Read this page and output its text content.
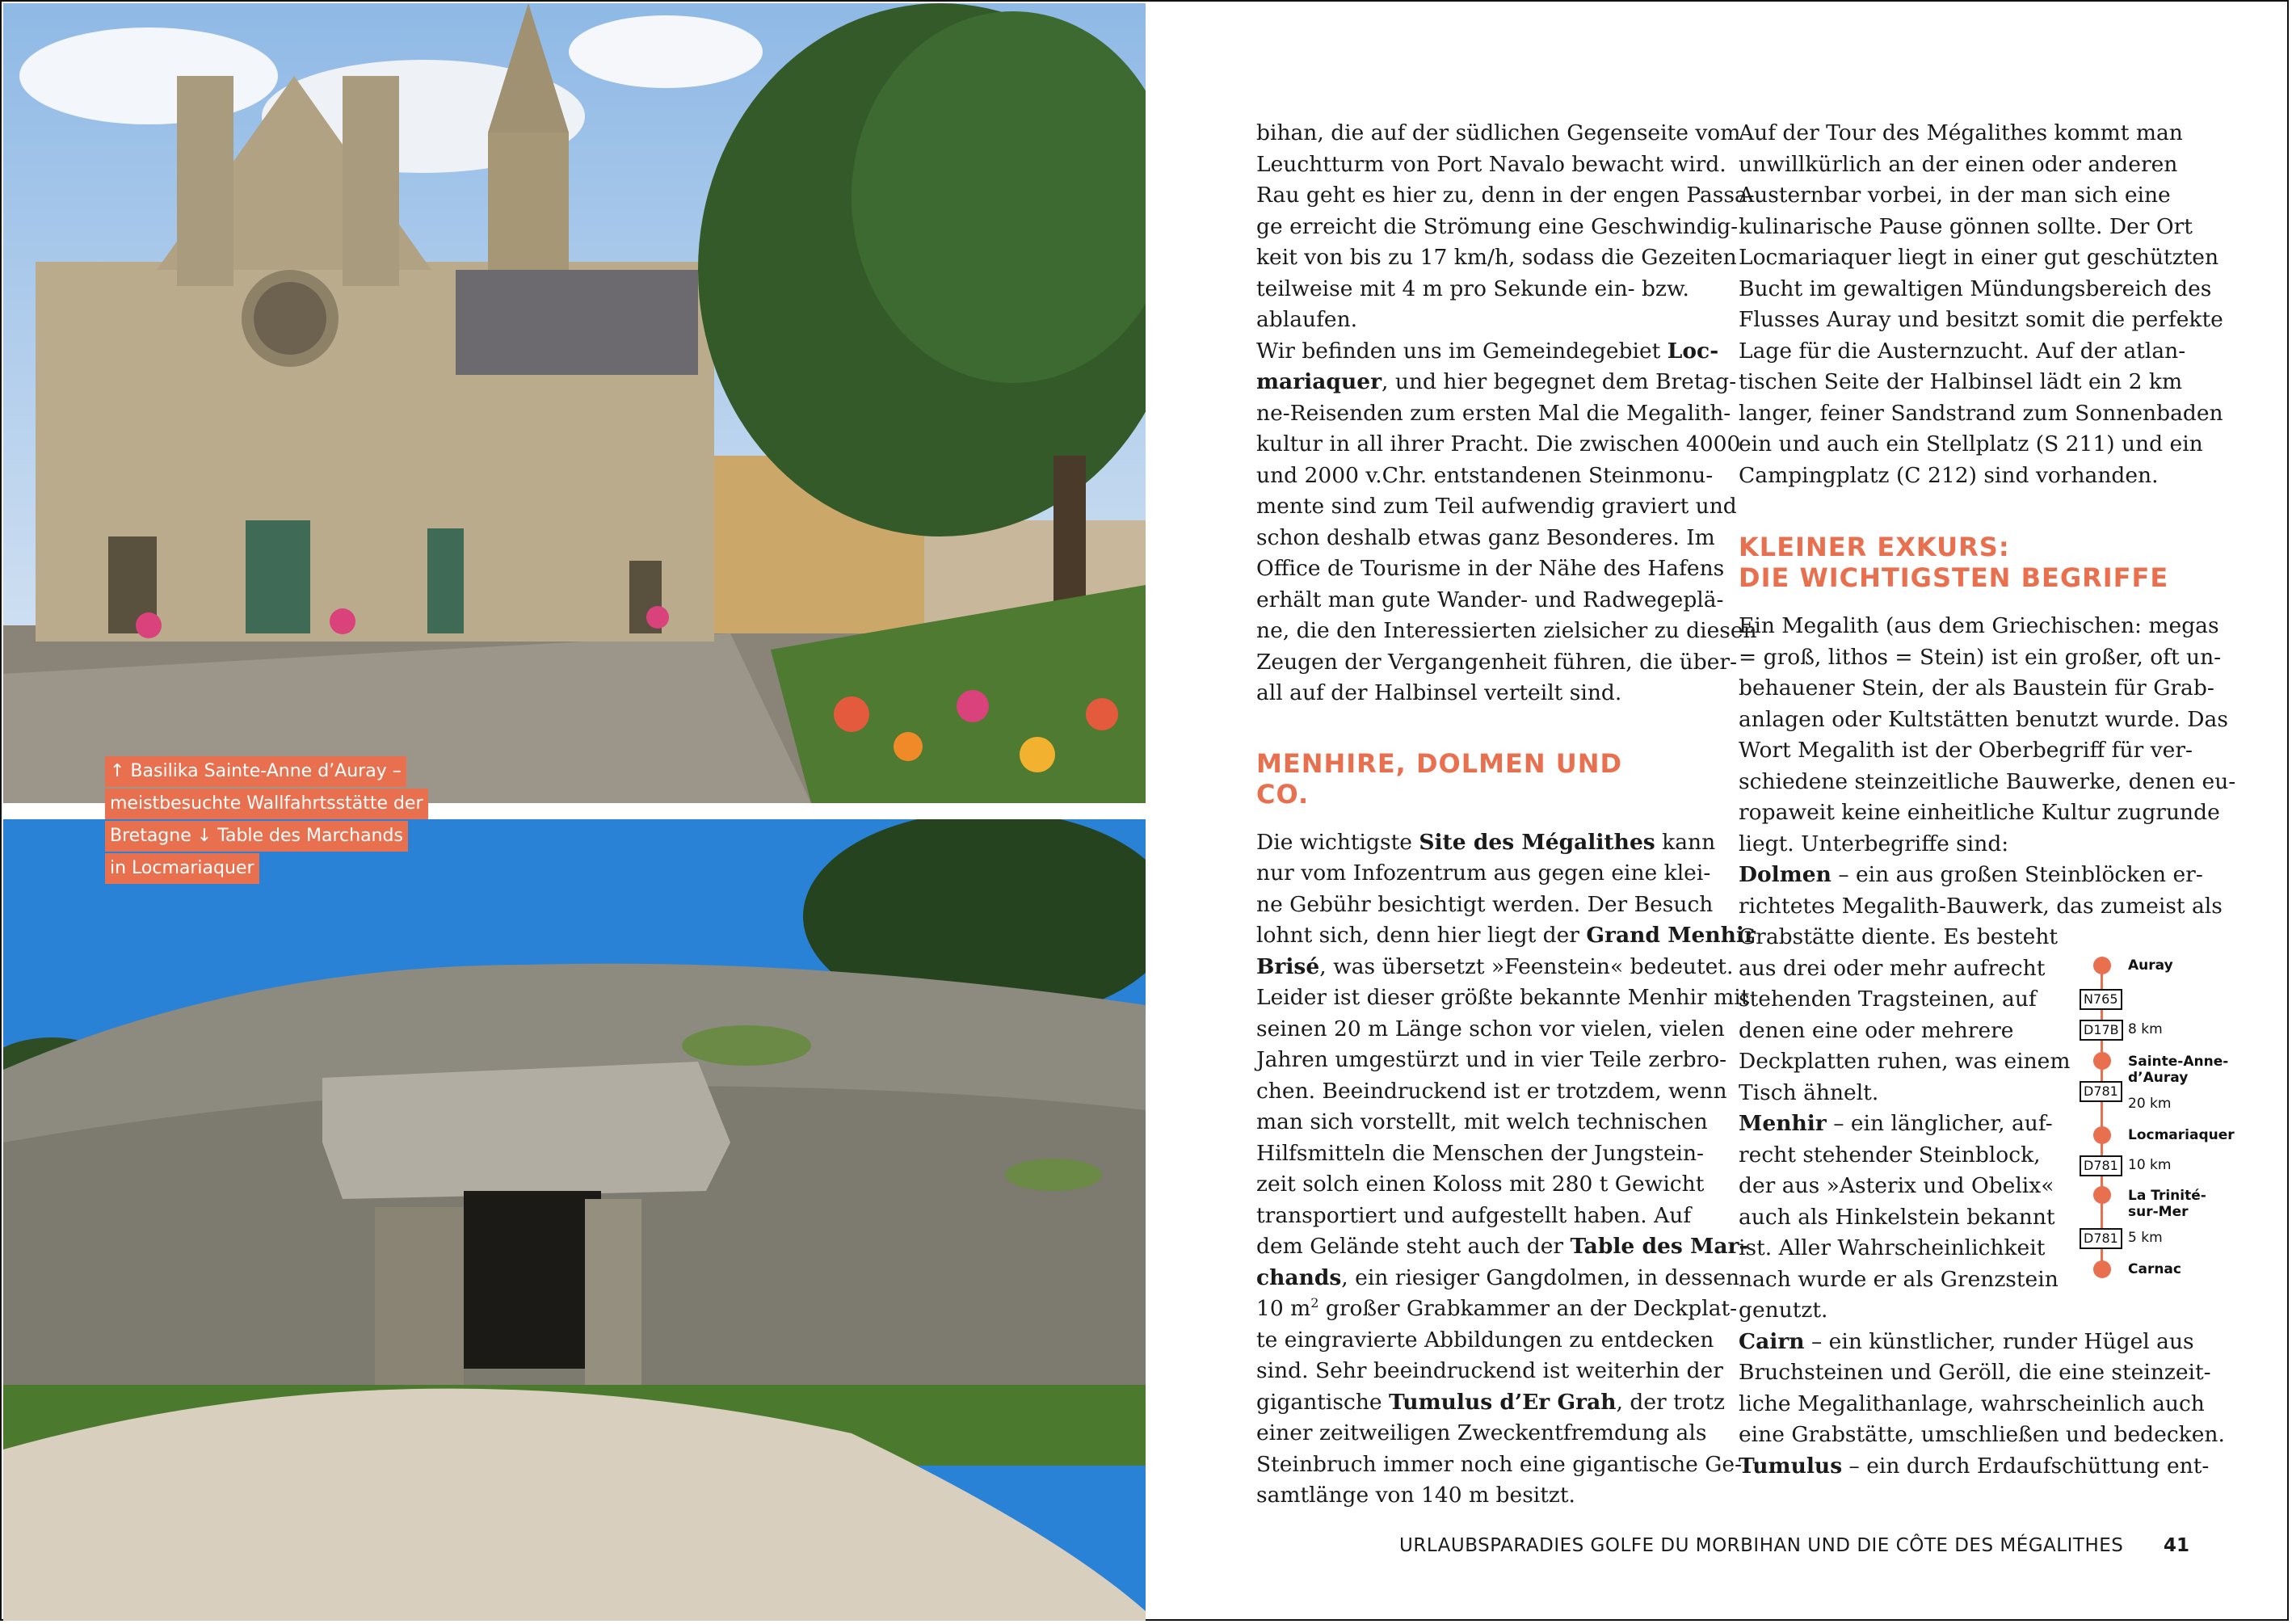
↑ Basilika Sainte-Anne d’Auray –
meistbesuchte Wallfahrtsstätte der
Bretagne ↓ Table des Marchands
in Locmariaquer

bihan, die auf der südlichen Gegenseite vom

Leuchtturm von Port Navalo bewacht wird.

Rau geht es hier zu, denn in der engen Passa-

ge erreicht die Strömung eine Geschwindig-

keit von bis zu 17 km/h, sodass die Gezeiten

teilweise mit 4 m pro Sekunde ein- bzw.

ablaufen.

Wir befinden uns im Gemeindegebiet Loc-

mariaquer, und hier begegnet dem Bretag-

ne-Reisenden zum ersten Mal die Megalith-

kultur in all ihrer Pracht. Die zwischen 4000

und 2000 v.Chr. entstandenen Steinmonu-

mente sind zum Teil aufwendig graviert und

schon deshalb etwas ganz Besonderes. Im

Office de Tourisme in der Nähe des Hafens

erhält man gute Wander- und Radwegeplä-

ne, die den Interessierten zielsicher zu diesen

Zeugen der Vergangenheit führen, die über-

all auf der Halbinsel verteilt sind.

MENHIRE, DOLMEN UND CO.

Die wichtigste Site des Mégalithes kann

nur vom Infozentrum aus gegen eine klei-

ne Gebühr besichtigt werden. Der Besuch

lohnt sich, denn hier liegt der Grand Menhir

Brisé, was übersetzt »Feenstein« bedeutet.

Leider ist dieser größte bekannte Menhir mit

seinen 20 m Länge schon vor vielen, vielen

Jahren umgestürzt und in vier Teile zerbro-

chen. Beeindruckend ist er trotzdem, wenn

man sich vorstellt, mit welch technischen

Hilfsmitteln die Menschen der Jungstein-

zeit solch einen Koloss mit 280 t Gewicht

transportiert und aufgestellt haben. Auf

dem Gelände steht auch der Table des Mar-

chands, ein riesiger Gangdolmen, in dessen

10 $m^2$ großer Grabkammer an der Deckplat-

te eingravierte Abbildungen zu entdecken

sind. Sehr beeindruckend ist weiterhin der

gigantische Tumulus d’Er Grah, der trotz

einer zeitweiligen Zweckentfremdung als

Steinbruch immer noch eine gigantische Ge-

samtlänge von 140 m besitzt.

Auf der Tour des Mégalithes kommt man

unwillkürlich an der einen oder anderen

Austernbar vorbei, in der man sich eine

kulinarische Pause gönnen sollte. Der Ort

Locmariaquer liegt in einer gut geschützten

Bucht im gewaltigen Mündungsbereich des

Flusses Auray und besitzt somit die perfekte

Lage für die Austernzucht. Auf der atlan-

tischen Seite der Halbinsel lädt ein 2 km

langer, feiner Sandstrand zum Sonnenbaden

ein und auch ein Stellplatz (S 211) und ein

Campingplatz (C 212) sind vorhanden.

KLEINER EXKURS:
DIE WICHTIGSTEN BEGRIFFE

Ein Megalith (aus dem Griechischen: megas

= groß, lithos = Stein) ist ein großer, oft un-

behauener Stein, der als Baustein für Grab-

anlagen oder Kultstätten benutzt wurde. Das

Wort Megalith ist der Oberbegriff für ver-

schiedene steinzeitliche Bauwerke, denen eu-

ropaweit keine einheitliche Kultur zugrunde

liegt. Unterbegriffe sind:

Dolmen – ein aus großen Steinblöcken er-

richtetes Megalith-Bauwerk, das zumeist als

Grabstätte diente. Es besteht

aus drei oder mehr aufrecht

stehenden Tragsteinen, auf

denen eine oder mehrere

Deckplatten ruhen, was einem

Tisch ähnelt.

Menhir – ein länglicher, auf-

recht stehender Steinblock,

der aus »Asterix und Obelix«

auch als Hinkelstein bekannt

ist. Aller Wahrscheinlichkeit

nach wurde er als Grenzstein

genutzt.

Cairn – ein künstlicher, runder Hügel aus

Bruchsteinen und Geröll, die eine steinzeit-

liche Megalithanlage, wahrscheinlich auch

eine Grabstätte, umschließen und bedecken.

Tumulus – ein durch Erdaufschüttung ent-

Auray
N765
D17B 8 km
Sainte-Anne-
d’Auray
D781
20 km
Locmariaquer
D781 10 km
La Trinité-
sur-Mer
D781 5 km
Carnac
URLAUBSPARADIES GOLFE DU MORBIHAN UND DIE CÔTE DES MÉGALITHES 41
